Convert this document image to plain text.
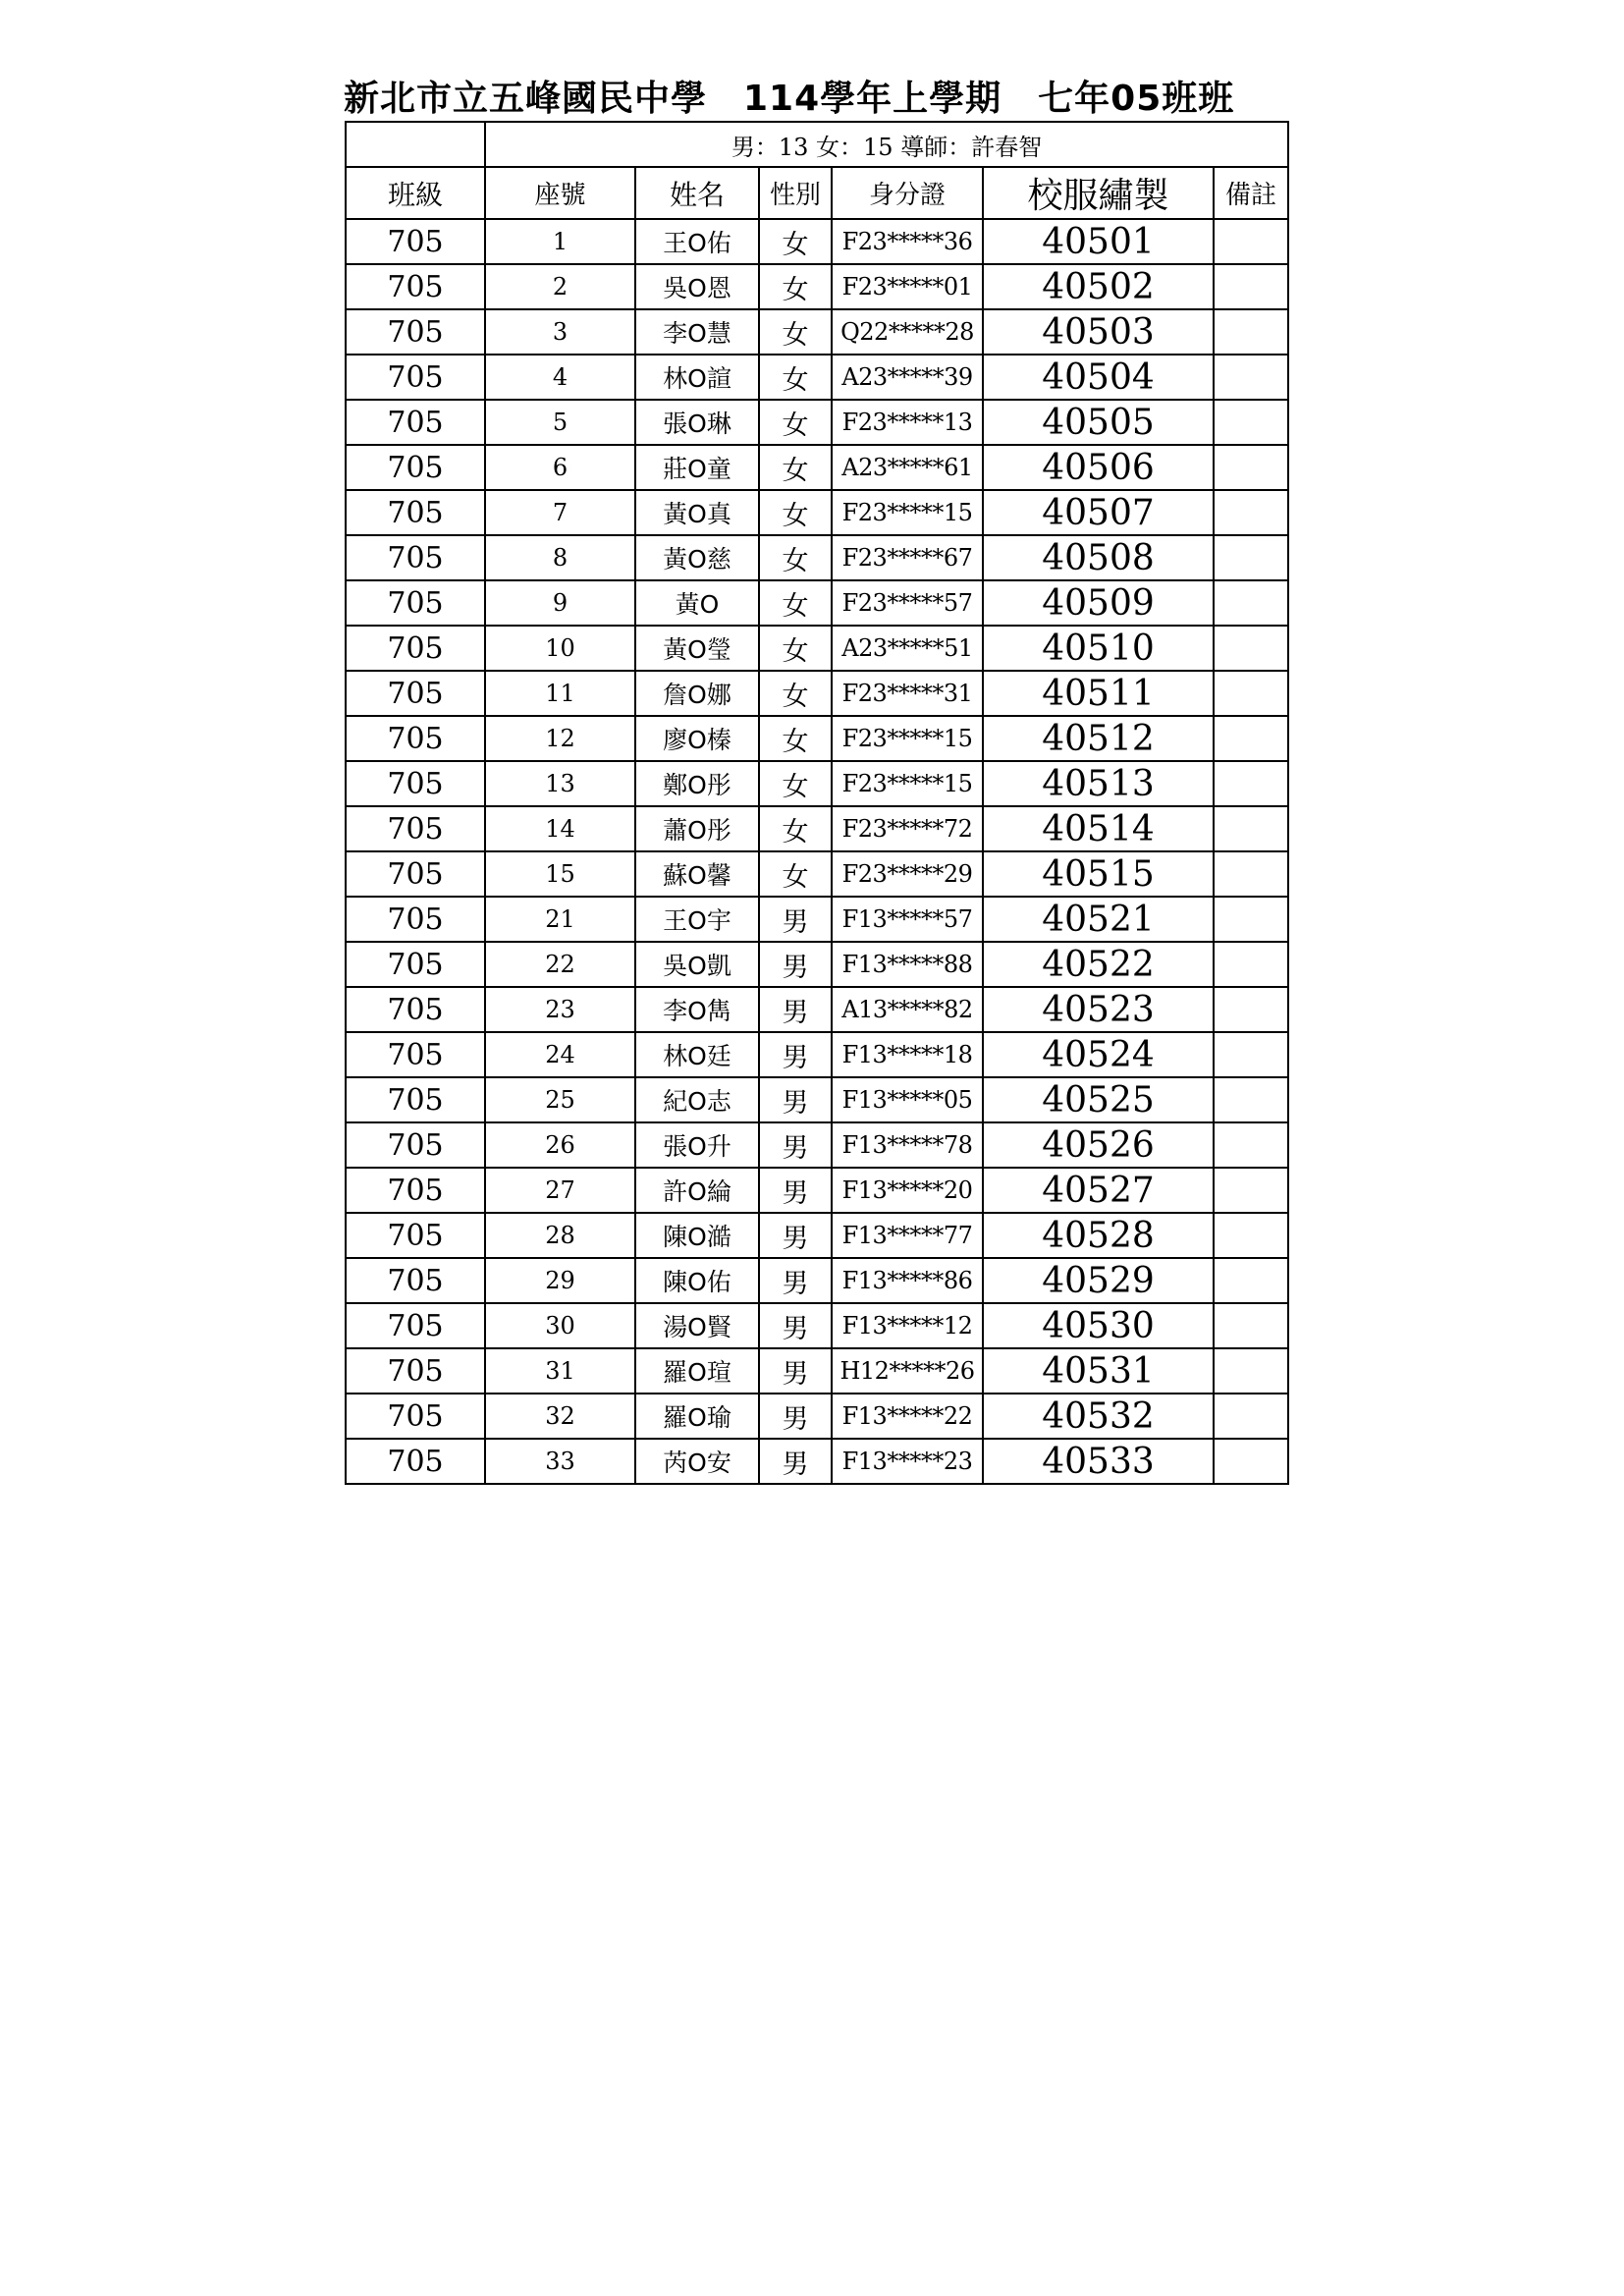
新北市立五峰國民中學　114學年上學期　七年05班班
	男：13 女：15 導師：許春智					
班級	座號	姓名	性別	身分證	校服繡製	備註
705	1	王O佑	女	F23*****36	40501	
705	2	吳O恩	女	F23*****01	40502	
705	3	李O慧	女	Q22*****28	40503	
705	4	林O諠	女	A23*****39	40504	
705	5	張O琳	女	F23*****13	40505	
705	6	莊O童	女	A23*****61	40506	
705	7	黃O真	女	F23*****15	40507	
705	8	黃O慈	女	F23*****67	40508	
705	9	黃O	女	F23*****57	40509	
705	10	黃O瑩	女	A23*****51	40510	
705	11	詹O娜	女	F23*****31	40511	
705	12	廖O榛	女	F23*****15	40512	
705	13	鄭O彤	女	F23*****15	40513	
705	14	蕭O彤	女	F23*****72	40514	
705	15	蘇O馨	女	F23*****29	40515	
705	21	王O宇	男	F13*****57	40521	
705	22	吳O凱	男	F13*****88	40522	
705	23	李O雋	男	A13*****82	40523	
705	24	林O廷	男	F13*****18	40524	
705	25	紀O志	男	F13*****05	40525	
705	26	張O升	男	F13*****78	40526	
705	27	許O綸	男	F13*****20	40527	
705	28	陳O澔	男	F13*****77	40528	
705	29	陳O佑	男	F13*****86	40529	
705	30	湯O賢	男	F13*****12	40530	
705	31	羅O瑄	男	H12*****26	40531	
705	32	羅O瑜	男	F13*****22	40532	
705	33	芮O安	男	F13*****23	40533	
